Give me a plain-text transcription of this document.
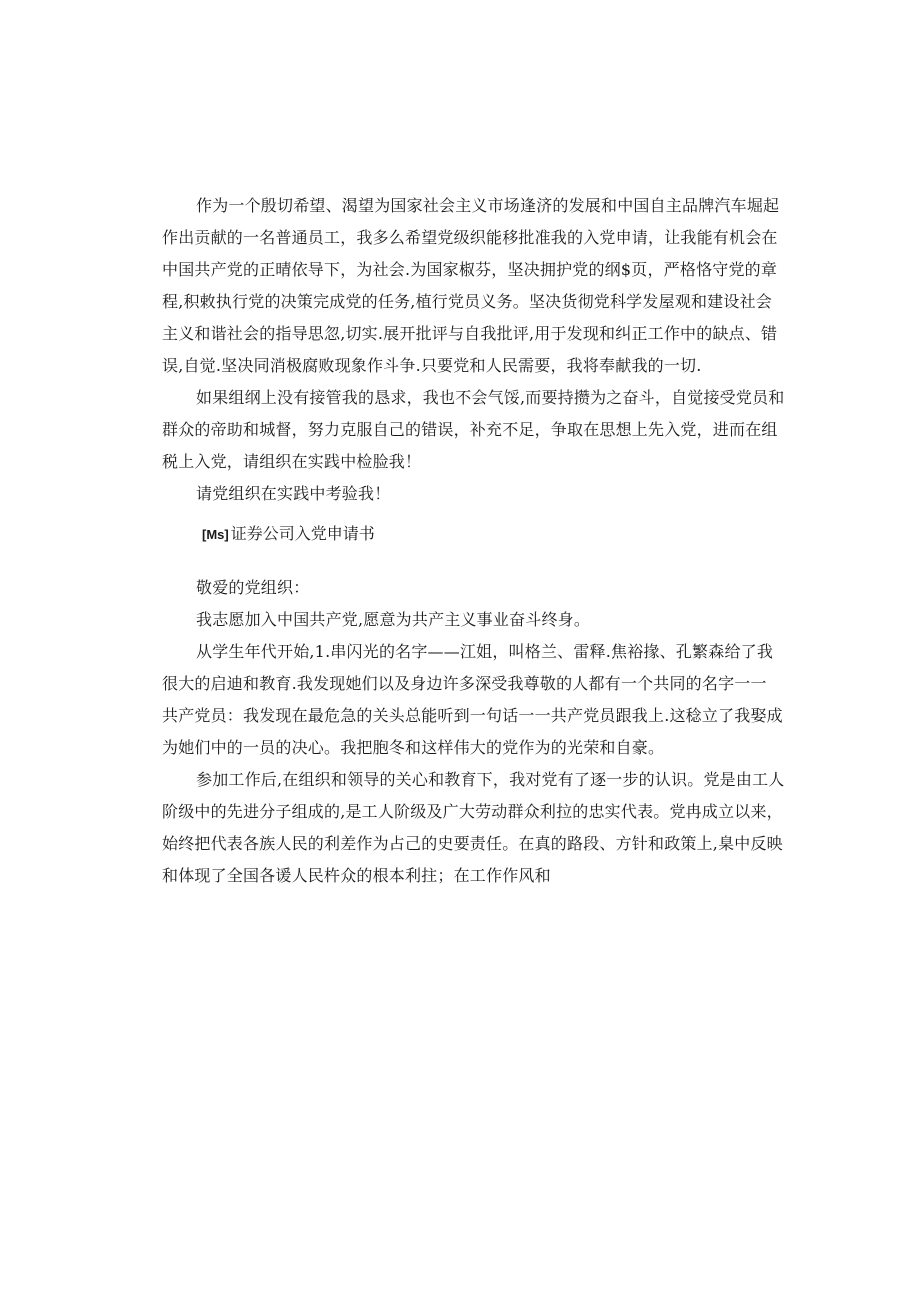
作为一个殷切希望、渴望为国家社会主义市场逢济的发展和中国自主品牌汽车堀起
作出贡献的一名普通员工，我多么希望党级织能移批准我的入党申请，让我能有机会在
中国共产党的正晴依导下，为社会.为国家椒芬，坚决拥护党的纲$页，严格恪守党的章
程,积敕执行党的决策完成党的任务,植行党员义务。坚决货彻党科学发屋观和建设社会
主义和谐社会的指导思忽,切实.展开批评与自我批评,用于发现和纠正工作中的缺点、错
误,自觉.坚决同消极腐败现象作斗争.只要党和人民需要，我将奉献我的一切.
如果组纲上没有接管我的恳求，我也不会气馁,而要持攒为之奋斗，自觉接受党员和
群众的帝助和城督，努力克服自己的错误，补充不足，争取在思想上先入党，进而在组
税上入党，请组织在实践中检脸我！
请党组织在实践中考验我！
[Ms] 证券公司入党申请书
敬爱的党组织：
我志愿加入中国共产党,愿意为共产主义事业奋斗终身。
从学生年代开始,1.串闪光的名字——江姐，叫格兰、雷释.焦裕掾、孔繁森给了我
很大的启迪和教育.我发现她们以及身边许多深受我尊敬的人都有一个共同的名字一一
共产党员：我发现在最危急的关头总能听到一句话一一共产党员跟我上.这稔立了我娶成
为她们中的一员的决心。我把胞冬和这样伟大的党作为的光荣和自豪。
参加工作后,在组织和领导的关心和教育下，我对党有了逐一步的认识。党是由工人
阶级中的先进分子组成的,是工人阶级及广大劳动群众利拉的忠实代表。党冉成立以来，
始终把代表各族人民的利差作为占己的史要责任。在真的路段、方针和政策上,臬中反映
和体现了全国各谖人民杵众的根本利拄；在工作作风和
